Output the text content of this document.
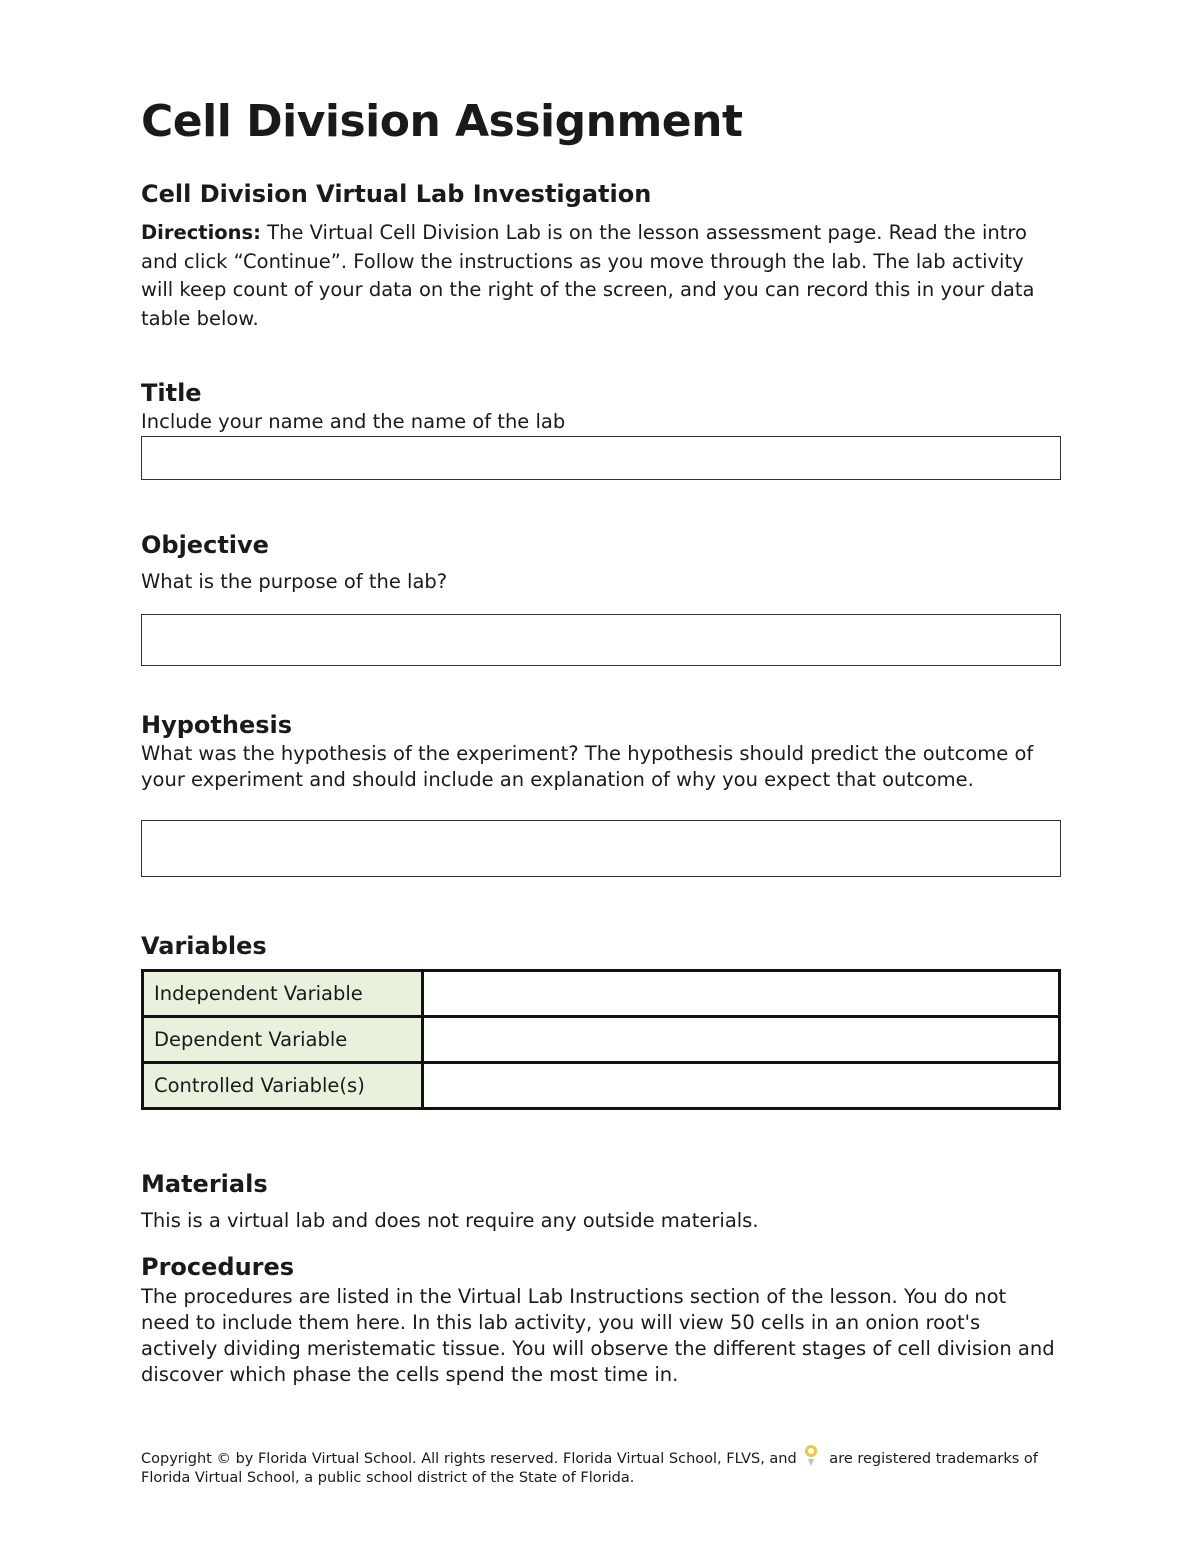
Cell Division Assignment
Cell Division Virtual Lab Investigation

Directions: The Virtual Cell Division Lab is on the lesson assessment page. Read the intro and click “Continue”. Follow the instructions as you move through the lab. The lab activity will keep count of your data on the right of the screen, and you can record this in your data table below.

Title

Include your name and the name of the lab

Objective

What is the purpose of the lab?

Hypothesis

What was the hypothesis of the experiment? The hypothesis should predict the outcome of your experiment and should include an explanation of why you expect that outcome.

Variables
Independent Variable	
Dependent Variable	
Controlled Variable(s)	
Materials

This is a virtual lab and does not require any outside materials.

Procedures

The procedures are listed in the Virtual Lab Instructions section of the lesson. You do not need to include them here. In this lab activity, you will view 50 cells in an onion root's actively dividing meristematic tissue. You will observe the different stages of cell division and discover which phase the cells spend the most time in.

Copyright © by Florida Virtual School. All rights reserved. Florida Virtual School, FLVS, and are registered trademarks of Florida Virtual School, a public school district of the State of Florida.
